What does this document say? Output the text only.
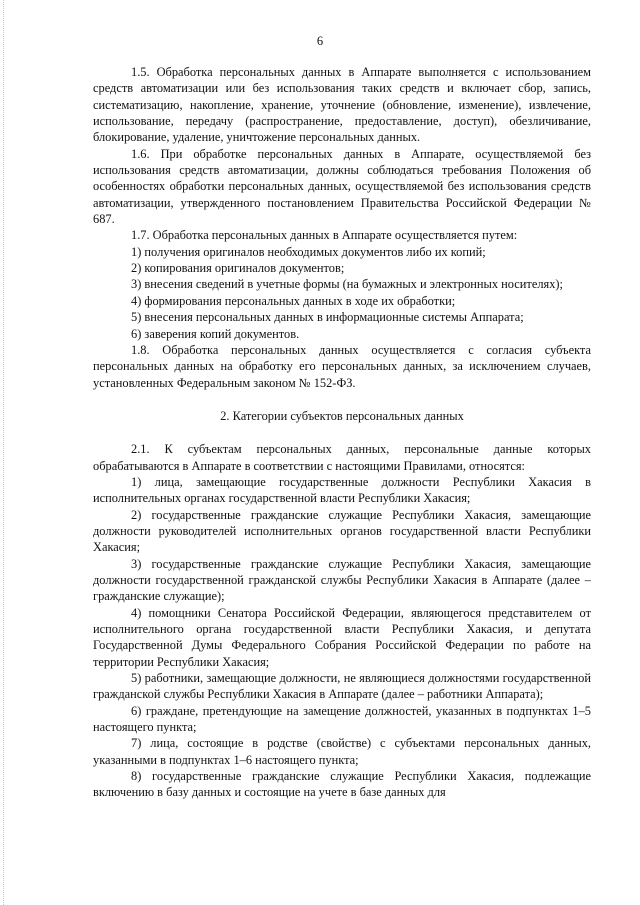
6

1.5. Обработка персональных данных в Аппарате выполняется с использованием средств автоматизации или без использования таких средств и включает сбор, запись, систематизацию, накопление, хранение, уточнение (обновление, изменение), извлечение, использование, передачу (распространение, предоставление, доступ), обезличивание, блокирование, удаление, уничтожение персональных данных.

1.6. При обработке персональных данных в Аппарате, осуществляемой без использования средств автоматизации, должны соблюдаться требования Положения об особенностях обработки персональных данных, осуществляемой без использования средств автоматизации, утвержденного постановлением Правительства Российской Федерации № 687.

1.7. Обработка персональных данных в Аппарате осуществляется путем:

1) получения оригиналов необходимых документов либо их копий;

2) копирования оригиналов документов;

3) внесения сведений в учетные формы (на бумажных и электронных носителях);

4) формирования персональных данных в ходе их обработки;

5) внесения персональных данных в информационные системы Аппарата;

6) заверения копий документов.

1.8. Обработка персональных данных осуществляется с согласия субъекта персональных данных на обработку его персональных данных, за исключением случаев, установленных Федеральным законом № 152-ФЗ.

2. Категории субъектов персональных данных

2.1. К субъектам персональных данных, персональные данные которых обрабатываются в Аппарате в соответствии с настоящими Правилами, относятся:

1) лица, замещающие государственные должности Республики Хакасия в исполнительных органах государственной власти Республики Хакасия;

2) государственные гражданские служащие Республики Хакасия, замещающие должности руководителей исполнительных органов государственной власти Республики Хакасия;

3) государственные гражданские служащие Республики Хакасия, замещающие должности государственной гражданской службы Республики Хакасия в Аппарате (далее – гражданские служащие);

4) помощники Сенатора Российской Федерации, являющегося представителем от исполнительного органа государственной власти Республики Хакасия, и депутата Государственной Думы Федерального Собрания Российской Федерации по работе на территории Республики Хакасия;

5) работники, замещающие должности, не являющиеся должностями государственной гражданской службы Республики Хакасия в Аппарате (далее – работники Аппарата);

6) граждане, претендующие на замещение должностей, указанных в подпунктах 1–5 настоящего пункта;

7) лица, состоящие в родстве (свойстве) с субъектами персональных данных, указанными в подпунктах 1–6 настоящего пункта;

8) государственные гражданские служащие Республики Хакасия, подлежащие включению в базу данных и состоящие на учете в базе данных для
